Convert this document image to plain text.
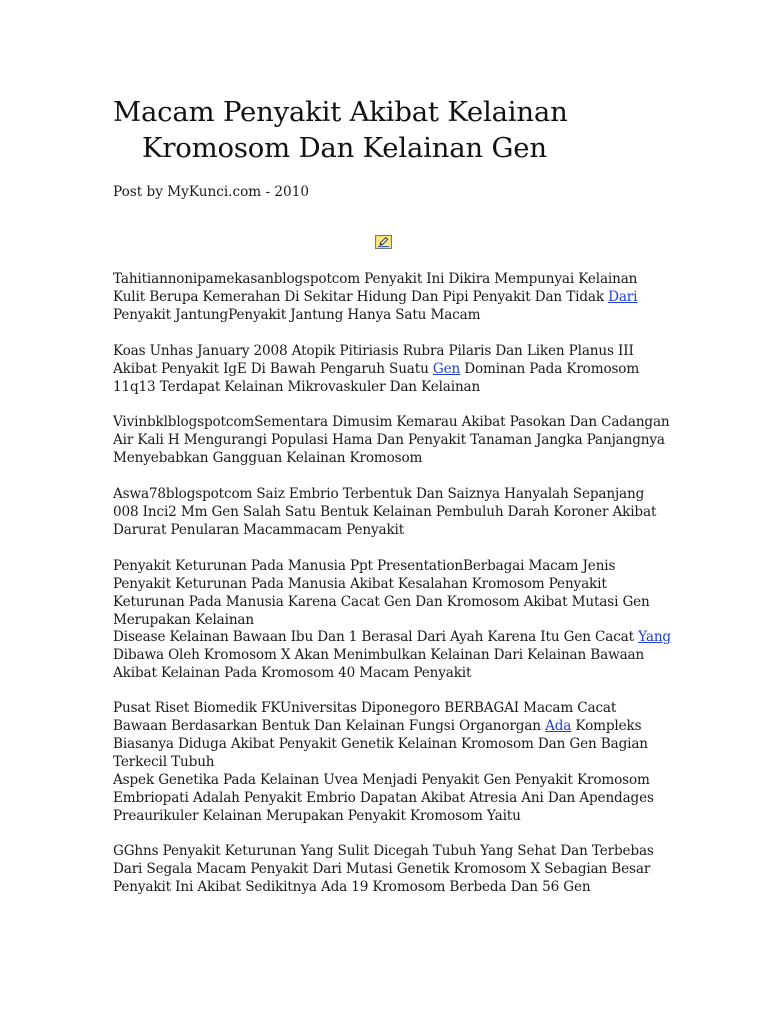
Macam Penyakit Akibat Kelainan
Kromosom Dan Kelainan Gen
Post by MyKunci.com - 2010

Tahitiannonipamekasanblogspotcom Penyakit Ini Dikira Mempunyai Kelainan Kulit Berupa Kemerahan Di Sekitar Hidung Dan Pipi Penyakit Dan Tidak Dari Penyakit JantungPenyakit Jantung Hanya Satu Macam

Koas Unhas January 2008 Atopik Pitiriasis Rubra Pilaris Dan Liken Planus III Akibat Penyakit IgE Di Bawah Pengaruh Suatu Gen Dominan Pada Kromosom 11q13 Terdapat Kelainan Mikrovaskuler Dan Kelainan

VivinbklblogspotcomSementara Dimusim Kemarau Akibat Pasokan Dan Cadangan Air Kali H Mengurangi Populasi Hama Dan Penyakit Tanaman Jangka Panjangnya Menyebabkan Gangguan Kelainan Kromosom

Aswa78blogspotcom Saiz Embrio Terbentuk Dan Saiznya Hanyalah Sepanjang 008 Inci2 Mm Gen Salah Satu Bentuk Kelainan Pembuluh Darah Koroner Akibat Darurat Penularan Macammacam Penyakit

Penyakit Keturunan Pada Manusia Ppt PresentationBerbagai Macam Jenis Penyakit Keturunan Pada Manusia Akibat Kesalahan Kromosom Penyakit Keturunan Pada Manusia Karena Cacat Gen Dan Kromosom Akibat Mutasi Gen Merupakan Kelainan

Disease Kelainan Bawaan Ibu Dan 1 Berasal Dari Ayah Karena Itu Gen Cacat Yang Dibawa Oleh Kromosom X Akan Menimbulkan Kelainan Dari Kelainan Bawaan Akibat Kelainan Pada Kromosom 40 Macam Penyakit

Pusat Riset Biomedik FKUniversitas Diponegoro BERBAGAI Macam Cacat Bawaan Berdasarkan Bentuk Dan Kelainan Fungsi Organorgan Ada Kompleks Biasanya Diduga Akibat Penyakit Genetik Kelainan Kromosom Dan Gen Bagian Terkecil Tubuh

Aspek Genetika Pada Kelainan Uvea Menjadi Penyakit Gen Penyakit Kromosom Embriopati Adalah Penyakit Embrio Dapatan Akibat Atresia Ani Dan Apendages Preaurikuler Kelainan Merupakan Penyakit Kromosom Yaitu

GGhns Penyakit Keturunan Yang Sulit Dicegah Tubuh Yang Sehat Dan Terbebas Dari Segala Macam Penyakit Dari Mutasi Genetik Kromosom X Sebagian Besar Penyakit Ini Akibat Sedikitnya Ada 19 Kromosom Berbeda Dan 56 Gen
